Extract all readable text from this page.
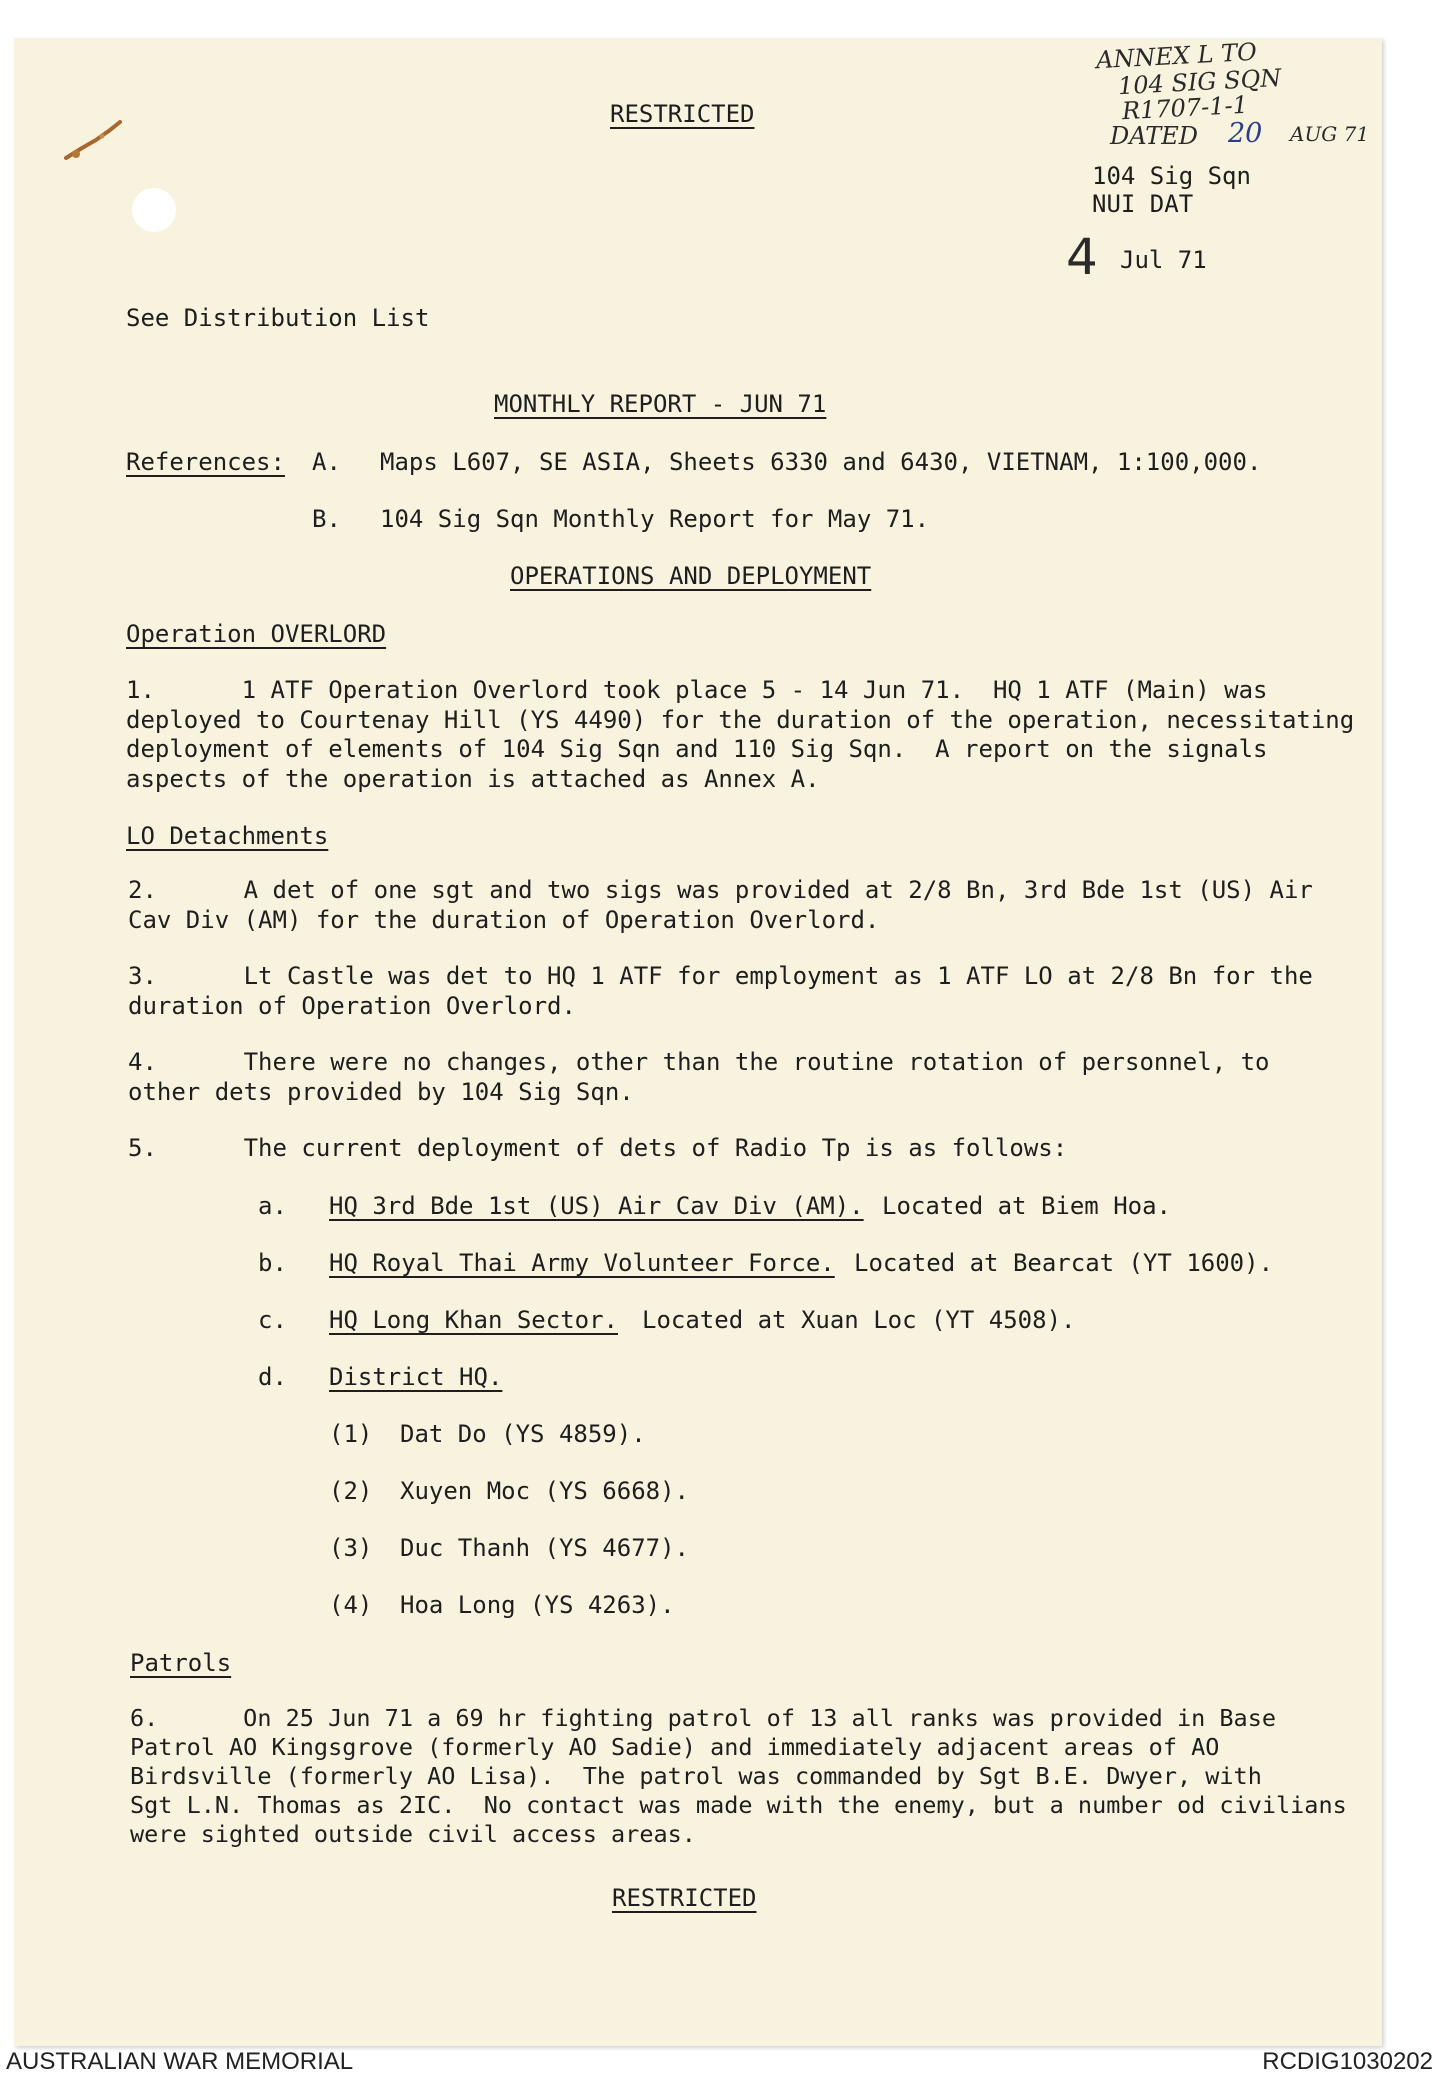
RESTRICTED
ANNEX L TO
104 SIG SQN
R1707-1-1
DATED 20 AUG 71
104 Sig Sqn
NUI DAT
4 Jul 71
See Distribution List
MONTHLY REPORT - JUN 71
References: A. Maps L607, SE ASIA, Sheets 6330 and 6430, VIETNAM, 1:100,000.
B. 104 Sig Sqn Monthly Report for May 71.
OPERATIONS AND DEPLOYMENT
Operation OVERLORD
1.      1 ATF Operation Overlord took place 5 - 14 Jun 71.  HQ 1 ATF (Main) was
deployed to Courtenay Hill (YS 4490) for the duration of the operation, necessitating
deployment of elements of 104 Sig Sqn and 110 Sig Sqn.  A report on the signals
aspects of the operation is attached as Annex A.
LO Detachments
2.      A det of one sgt and two sigs was provided at 2/8 Bn, 3rd Bde 1st (US) Air
Cav Div (AM) for the duration of Operation Overlord.
3.      Lt Castle was det to HQ 1 ATF for employment as 1 ATF LO at 2/8 Bn for the
duration of Operation Overlord.
4.      There were no changes, other than the routine rotation of personnel, to
other dets provided by 104 Sig Sqn.
5.      The current deployment of dets of Radio Tp is as follows:
a. HQ 3rd Bde 1st (US) Air Cav Div (AM). Located at Biem Hoa.
b. HQ Royal Thai Army Volunteer Force. Located at Bearcat (YT 1600).
c. HQ Long Khan Sector. Located at Xuan Loc (YT 4508).
d. District HQ.
(1) Dat Do (YS 4859).
(2) Xuyen Moc (YS 6668).
(3) Duc Thanh (YS 4677).
(4) Hoa Long (YS 4263).
Patrols
6.      On 25 Jun 71 a 69 hr fighting patrol of 13 all ranks was provided in Base
Patrol AO Kingsgrove (formerly AO Sadie) and immediately adjacent areas of AO
Birdsville (formerly AO Lisa).  The patrol was commanded by Sgt B.E. Dwyer, with
Sgt L.N. Thomas as 2IC.  No contact was made with the enemy, but a number od civilians
were sighted outside civil access areas.
RESTRICTED
AUSTRALIAN WAR MEMORIAL	RCDIG1030202
